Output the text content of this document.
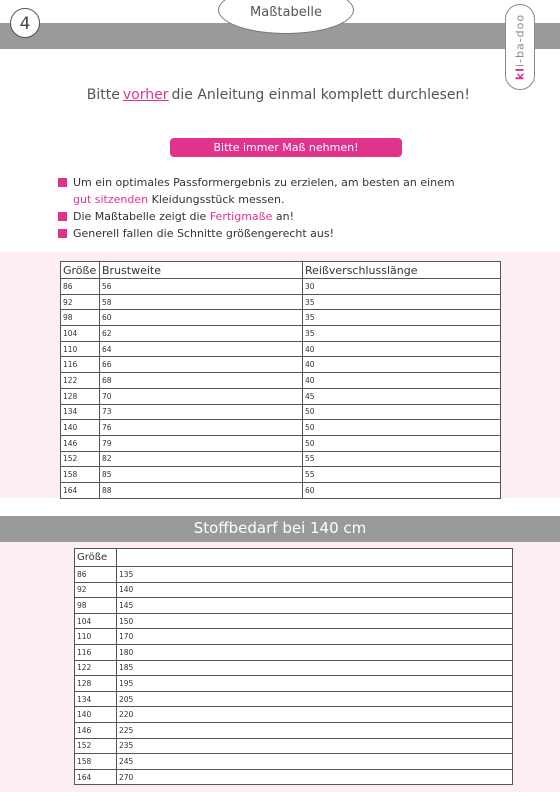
4
Maßtabelle
kli-ba-doo
Bitte vorher die Anleitung einmal komplett durchlesen!
Bitte immer Maß nehmen!
Um ein optimales Passformergebnis zu erzielen, am besten an einem
gut sitzenden Kleidungsstück messen.
Die Maßtabelle zeigt die Fertigmaße an!
Generell fallen die Schnitte größengerecht aus!
Größe	Brustweite	Reißverschlusslänge
86	56	30
92	58	35
98	60	35
104	62	35
110	64	40
116	66	40
122	68	40
128	70	45
134	73	50
140	76	50
146	79	50
152	82	55
158	85	55
164	88	60
Stoffbedarf bei 140 cm
Größe	
86	135
92	140
98	145
104	150
110	170
116	180
122	185
128	195
134	205
140	220
146	225
152	235
158	245
164	270
